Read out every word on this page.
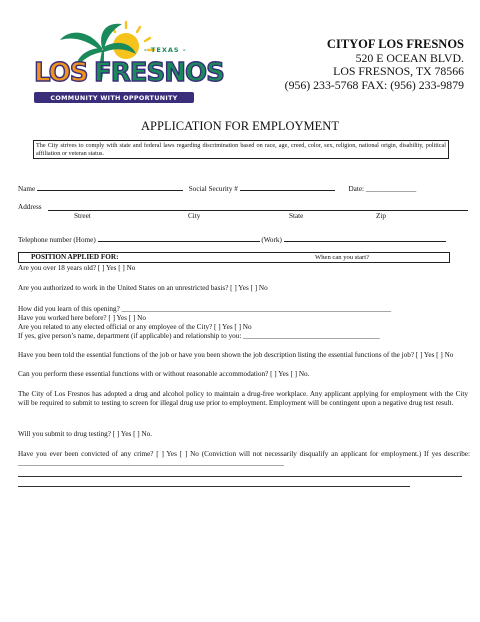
- TEXAS -
LOS FRESNOS
COMMUNITY WITH OPPORTUNITY
CITYOF LOS FRESNOS
520 E OCEAN BLVD.
LOS FRESNOS, TX 78566
(956) 233-5768 FAX: (956) 233-9879
APPLICATION FOR EMPLOYMENT
The City strives to comply with state and federal laws regarding discrimination based on race, age, creed, color, sex, religion, national origin, disability, political affiliation or veteran status.
Name	Social Security #	Date: ______________
Address
Street	City	State	Zip
Telephone number (Home)	(Work)
POSITION APPLIED FOR:	When can you start?
Are you over 18 years old? [ ] Yes [ ] No
Are you authorized to work in the United States on an unrestricted basis? [ ] Yes [ ] No
How did you learn of this opening? ___________________________________________________________________________
Have you worked here before? [ ] Yes [ ] No
Are you related to any elected official or any employee of the City? [ ] Yes [ ] No
If yes, give person’s name, department (if applicable) and relationship to you: ______________________________________
Have you been told the essential functions of the job or have you been shown the job description listing the essential functions of the job? [ ] Yes [ ] No
Can you perform these essential functions with or without reasonable accommodation? [ ] Yes [ ] No.
The City of Los Fresnos has adopted a drug and alcohol policy to maintain a drug-free workplace. Any applicant applying for employment with the City will be required to submit to testing to screen for illegal drug use prior to employment. Employment will be contingent upon a negative drug test result.
Will you submit to drug testing? [ ] Yes [ ] No.
Have you ever been convicted of any crime? [ ] Yes [ ] No (Conviction will not necessarily disqualify an applicant for employment.) If yes describe: __________________________________________________________________________
